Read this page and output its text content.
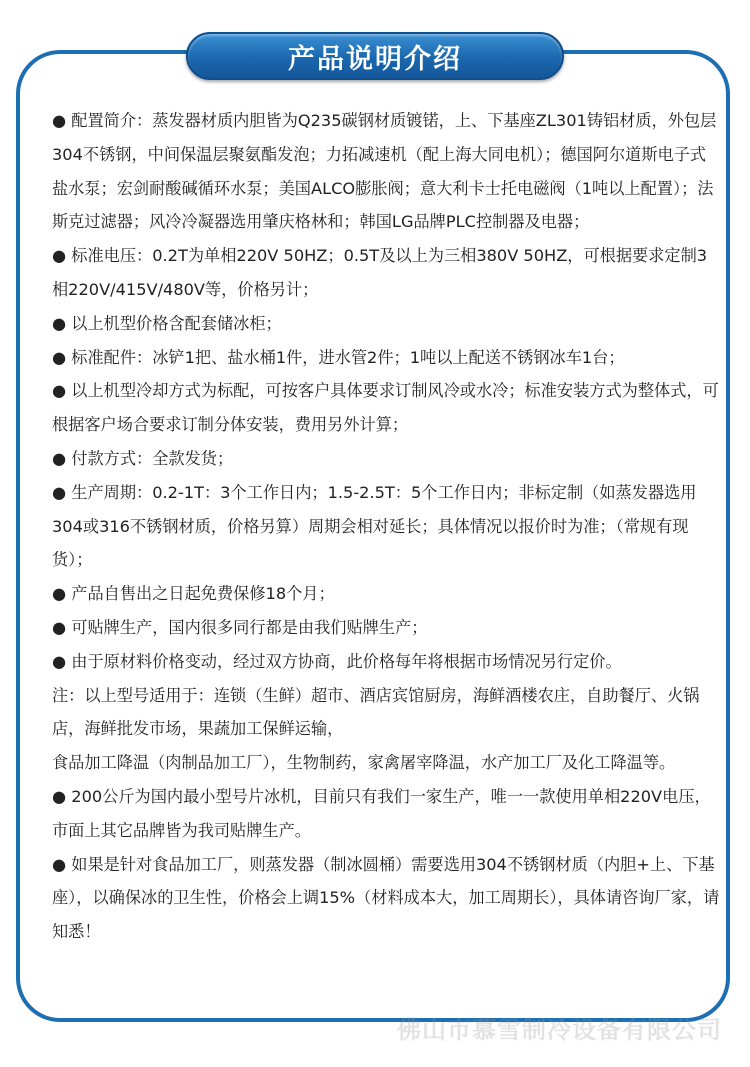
产品说明介绍

● 配置简介：蒸发器材质内胆皆为Q235碳钢材质镀锘，上、下基座ZL301铸铝材质，外包层304不锈钢，中间保温层聚氨酯发泡；力拓减速机（配上海大同电机）；德国阿尔道斯电子式盐水泵；宏剑耐酸碱循环水泵；美国ALCO膨胀阀；意大利卡士托电磁阀（1吨以上配置）；法斯克过滤器；风冷冷凝器选用肇庆格林和；韩国LG品牌PLC控制器及电器；

● 标准电压：0.2T为单相220V 50HZ；0.5T及以上为三相380V 50HZ，可根据要求定制3相220V/415V/480V等，价格另计；

● 以上机型价格含配套储冰柜；

● 标准配件：冰铲1把、盐水桶1件，进水管2件；1吨以上配送不锈钢冰车1台；

● 以上机型冷却方式为标配，可按客户具体要求订制风冷或水冷；标准安装方式为整体式，可根据客户场合要求订制分体安装，费用另外计算；

● 付款方式：全款发货；

● 生产周期：0.2-1T：3个工作日内；1.5-2.5T：5个工作日内；非标定制（如蒸发器选用304或316不锈钢材质，价格另算）周期会相对延长；具体情况以报价时为准；（常规有现货）；

● 产品自售出之日起免费保修18个月；

● 可贴牌生产，国内很多同行都是由我们贴牌生产；

● 由于原材料价格变动，经过双方协商，此价格每年将根据市场情况另行定价。

注：以上型号适用于：连锁（生鲜）超市、酒店宾馆厨房，海鲜酒楼农庄，自助餐厅、火锅店，海鲜批发市场，果蔬加工保鲜运输，

食品加工降温（肉制品加工厂），生物制药，家禽屠宰降温，水产加工厂及化工降温等。

● 200公斤为国内最小型号片冰机，目前只有我们一家生产，唯一一款使用单相220V电压，市面上其它品牌皆为我司贴牌生产。

● 如果是针对食品加工厂，则蒸发器（制冰圆桶）需要选用304不锈钢材质（内胆+上、下基座），以确保冰的卫生性，价格会上调15%（材料成本大，加工周期长），具体请咨询厂家，请知悉！

佛山市慕雪制冷设备有限公司
